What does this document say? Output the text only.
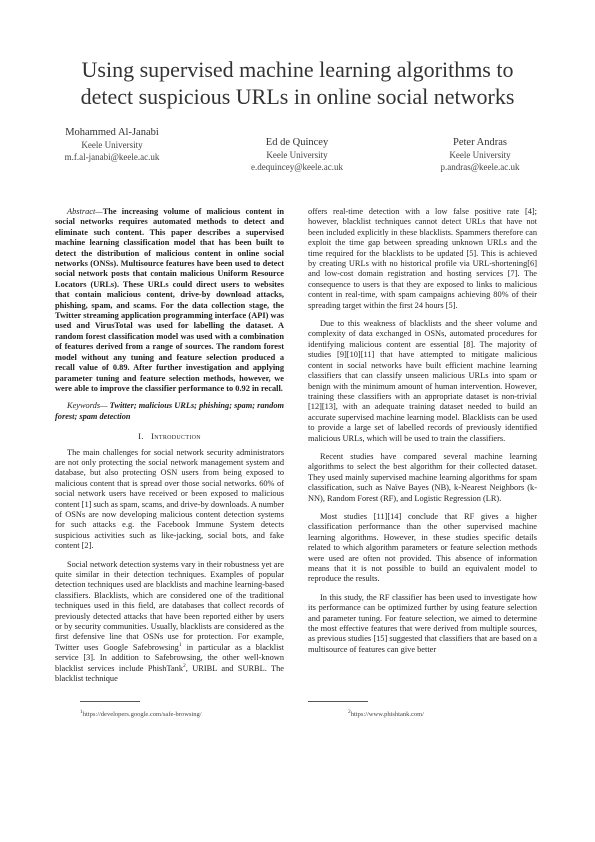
Using supervised machine learning algorithms to
detect suspicious URLs in online social networks
Mohammed Al-Janabi
Keele University
m.f.al-janabi@keele.ac.uk
Ed de Quincey
Keele University
e.dequincey@keele.ac.uk
Peter Andras
Keele University
p.andras@keele.ac.uk

Abstract—The increasing volume of malicious content in social networks requires automated methods to detect and eliminate such content. This paper describes a supervised machine learning classification model that has been built to detect the distribution of malicious content in online social networks (ONSs). Multisource features have been used to detect social network posts that contain malicious Uniform Resource Locators (URLs). These URLs could direct users to websites that contain malicious content, drive-by download attacks, phishing, spam, and scams. For the data collection stage, the Twitter streaming application programming interface (API) was used and VirusTotal was used for labelling the dataset. A random forest classification model was used with a combination of features derived from a range of sources. The random forest model without any tuning and feature selection produced a recall value of 0.89. After further investigation and applying parameter tuning and feature selection methods, however, we were able to improve the classifier performance to 0.92 in recall.

Keywords— Twitter; malicious URLs; phishing; spam; random forest; spam detection

I. Introduction

The main challenges for social network security administrators are not only protecting the social network management system and database, but also protecting OSN users from being exposed to malicious content that is spread over those social networks. 60% of social network users have received or been exposed to malicious content [1] such as spam, scams, and drive-by downloads. A number of OSNs are now developing malicious content detection systems for such attacks e.g. the Facebook Immune System detects suspicious activities such as like-jacking, social bots, and fake content [2].

Social network detection systems vary in their robustness yet are quite similar in their detection techniques. Examples of popular detection techniques used are blacklists and machine learning-based classifiers. Blacklists, which are considered one of the traditional techniques used in this field, are databases that collect records of previously detected attacks that have been reported either by users or by security communities. Usually, blacklists are considered as the first defensive line that OSNs use for protection. For example, Twitter uses Google Safebrowsing$^1$ in particular as a blacklist service [3]. In addition to Safebrowsing, the other well-known blacklist services include PhishTank$^2$, URIBL and SURBL. The blacklist technique

offers real-time detection with a low false positive rate [4]; however, blacklist techniques cannot detect URLs that have not been included explicitly in these blacklists. Spammers therefore can exploit the time gap between spreading unknown URLs and the time required for the blacklists to be updated [5]. This is achieved by creating URLs with no historical profile via URL-shortening[6] and low-cost domain registration and hosting services [7]. The consequence to users is that they are exposed to links to malicious content in real-time, with spam campaigns achieving 80% of their spreading target within the first 24 hours [5].

Due to this weakness of blacklists and the sheer volume and complexity of data exchanged in OSNs, automated procedures for identifying malicious content are essential [8]. The majority of studies [9][10][11] that have attempted to mitigate malicious content in social networks have built efficient machine learning classifiers that can classify unseen malicious URLs into spam or benign with the minimum amount of human intervention. However, training these classifiers with an appropriate dataset is non-trivial [12][13], with an adequate training dataset needed to build an accurate supervised machine learning model. Blacklists can be used to provide a large set of labelled records of previously identified malicious URLs, which will be used to train the classifiers.

Recent studies have compared several machine learning algorithms to select the best algorithm for their collected dataset. They used mainly supervised machine learning algorithms for spam classification, such as Naïve Bayes (NB), k-Nearest Neighbors (k-NN), Random Forest (RF), and Logistic Regression (LR).

Most studies [11][14] conclude that RF gives a higher classification performance than the other supervised machine learning algorithms. However, in these studies specific details related to which algorithm parameters or feature selection methods were used are often not provided. This absence of information means that it is not possible to build an equivalent model to reproduce the results.

In this study, the RF classifier has been used to investigate how its performance can be optimized further by using feature selection and parameter tuning. For feature selection, we aimed to determine the most effective features that were derived from multiple sources, as previous studies [15] suggested that classifiers that are based on a multisource of features can give better

$^1$https://developers.google.com/safe-browsing/	$^2$https://www.phishtank.com/
